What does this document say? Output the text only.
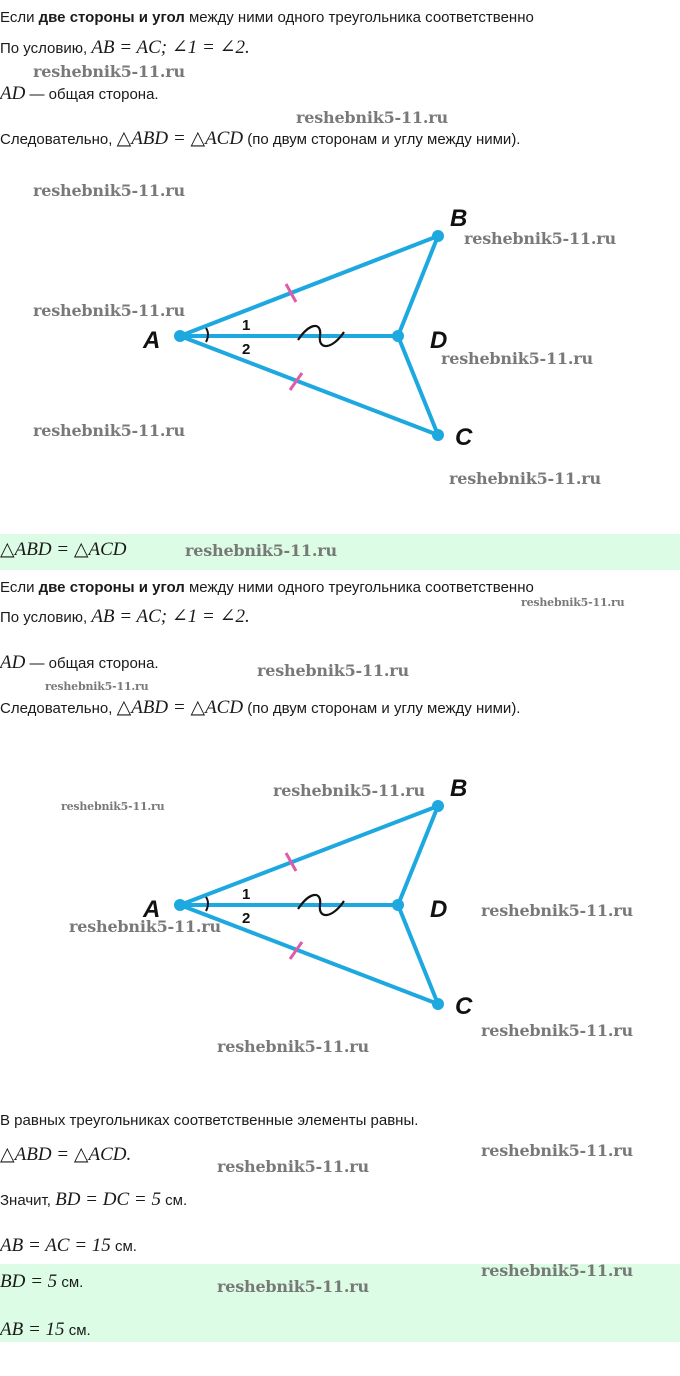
Если две стороны и угол между ними одного треугольника соответственно
По условию, AB = AC; ∠1 = ∠2.
AD — общая сторона.
Следовательно, △ABD = △ACD (по двум сторонам и углу между ними).
A
B
D
C
1
2
△ABD = △ACD
Если две стороны и угол между ними одного треугольника соответственно
По условию, AB = AC; ∠1 = ∠2.
AD — общая сторона.
Следовательно, △ABD = △ACD (по двум сторонам и углу между ними).
A
B
D
C
1
2
В равных треугольниках соответственные элементы равны.
△ABD = △ACD.
Значит, BD = DC = 5 см.
AB = AC = 15 см.
BD = 5 см.
AB = 15 см.
reshebnik5-11.ru
reshebnik5-11.ru
reshebnik5-11.ru
reshebnik5-11.ru
reshebnik5-11.ru
reshebnik5-11.ru
reshebnik5-11.ru
reshebnik5-11.ru
reshebnik5-11.ru
reshebnik5-11.ru
reshebnik5-11.ru
reshebnik5-11.ru
reshebnik5-11.ru
reshebnik5-11.ru
reshebnik5-11.ru
reshebnik5-11.ru
reshebnik5-11.ru
reshebnik5-11.ru
reshebnik5-11.ru
reshebnik5-11.ru
reshebnik5-11.ru
reshebnik5-11.ru
